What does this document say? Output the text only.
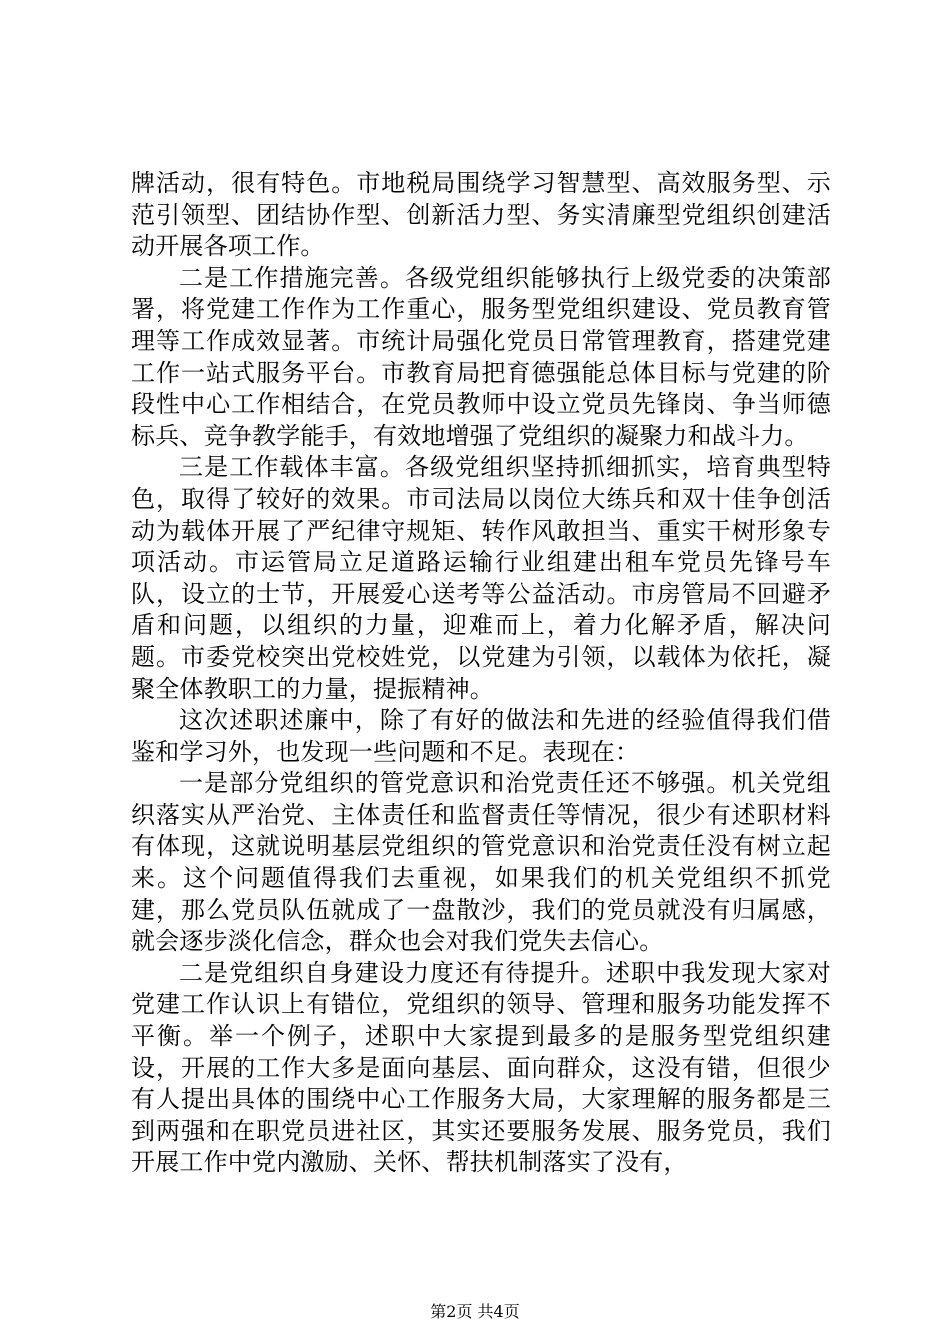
牌活动，很有特色。市地税局围绕学习智慧型、高效服务型、示范引领型、团结协作型、创新活力型、务实清廉型党组织创建活动开展各项工作。

二是工作措施完善。各级党组织能够执行上级党委的决策部署，将党建工作作为工作重心，服务型党组织建设、党员教育管理等工作成效显著。市统计局强化党员日常管理教育，搭建党建工作一站式服务平台。市教育局把育德强能总体目标与党建的阶段性中心工作相结合，在党员教师中设立党员先锋岗、争当师德标兵、竞争教学能手，有效地增强了党组织的凝聚力和战斗力。

三是工作载体丰富。各级党组织坚持抓细抓实，培育典型特色，取得了较好的效果。市司法局以岗位大练兵和双十佳争创活动为载体开展了严纪律守规矩、转作风敢担当、重实干树形象专项活动。市运管局立足道路运输行业组建出租车党员先锋号车队，设立的士节，开展爱心送考等公益活动。市房管局不回避矛盾和问题，以组织的力量，迎难而上，着力化解矛盾，解决问题。市委党校突出党校姓党，以党建为引领，以载体为依托，凝聚全体教职工的力量，提振精神。

这次述职述廉中，除了有好的做法和先进的经验值得我们借鉴和学习外，也发现一些问题和不足。表现在：

一是部分党组织的管党意识和治党责任还不够强。机关党组织落实从严治党、主体责任和监督责任等情况，很少有述职材料有体现，这就说明基层党组织的管党意识和治党责任没有树立起来。这个问题值得我们去重视，如果我们的机关党组织不抓党建，那么党员队伍就成了一盘散沙，我们的党员就没有归属感，就会逐步淡化信念，群众也会对我们党失去信心。

二是党组织自身建设力度还有待提升。述职中我发现大家对党建工作认识上有错位，党组织的领导、管理和服务功能发挥不平衡。举一个例子，述职中大家提到最多的是服务型党组织建设，开展的工作大多是面向基层、面向群众，这没有错，但很少有人提出具体的围绕中心工作服务大局，大家理解的服务都是三到两强和在职党员进社区，其实还要服务发展、服务党员，我们开展工作中党内激励、关怀、帮扶机制落实了没有，

第2页 共4页
